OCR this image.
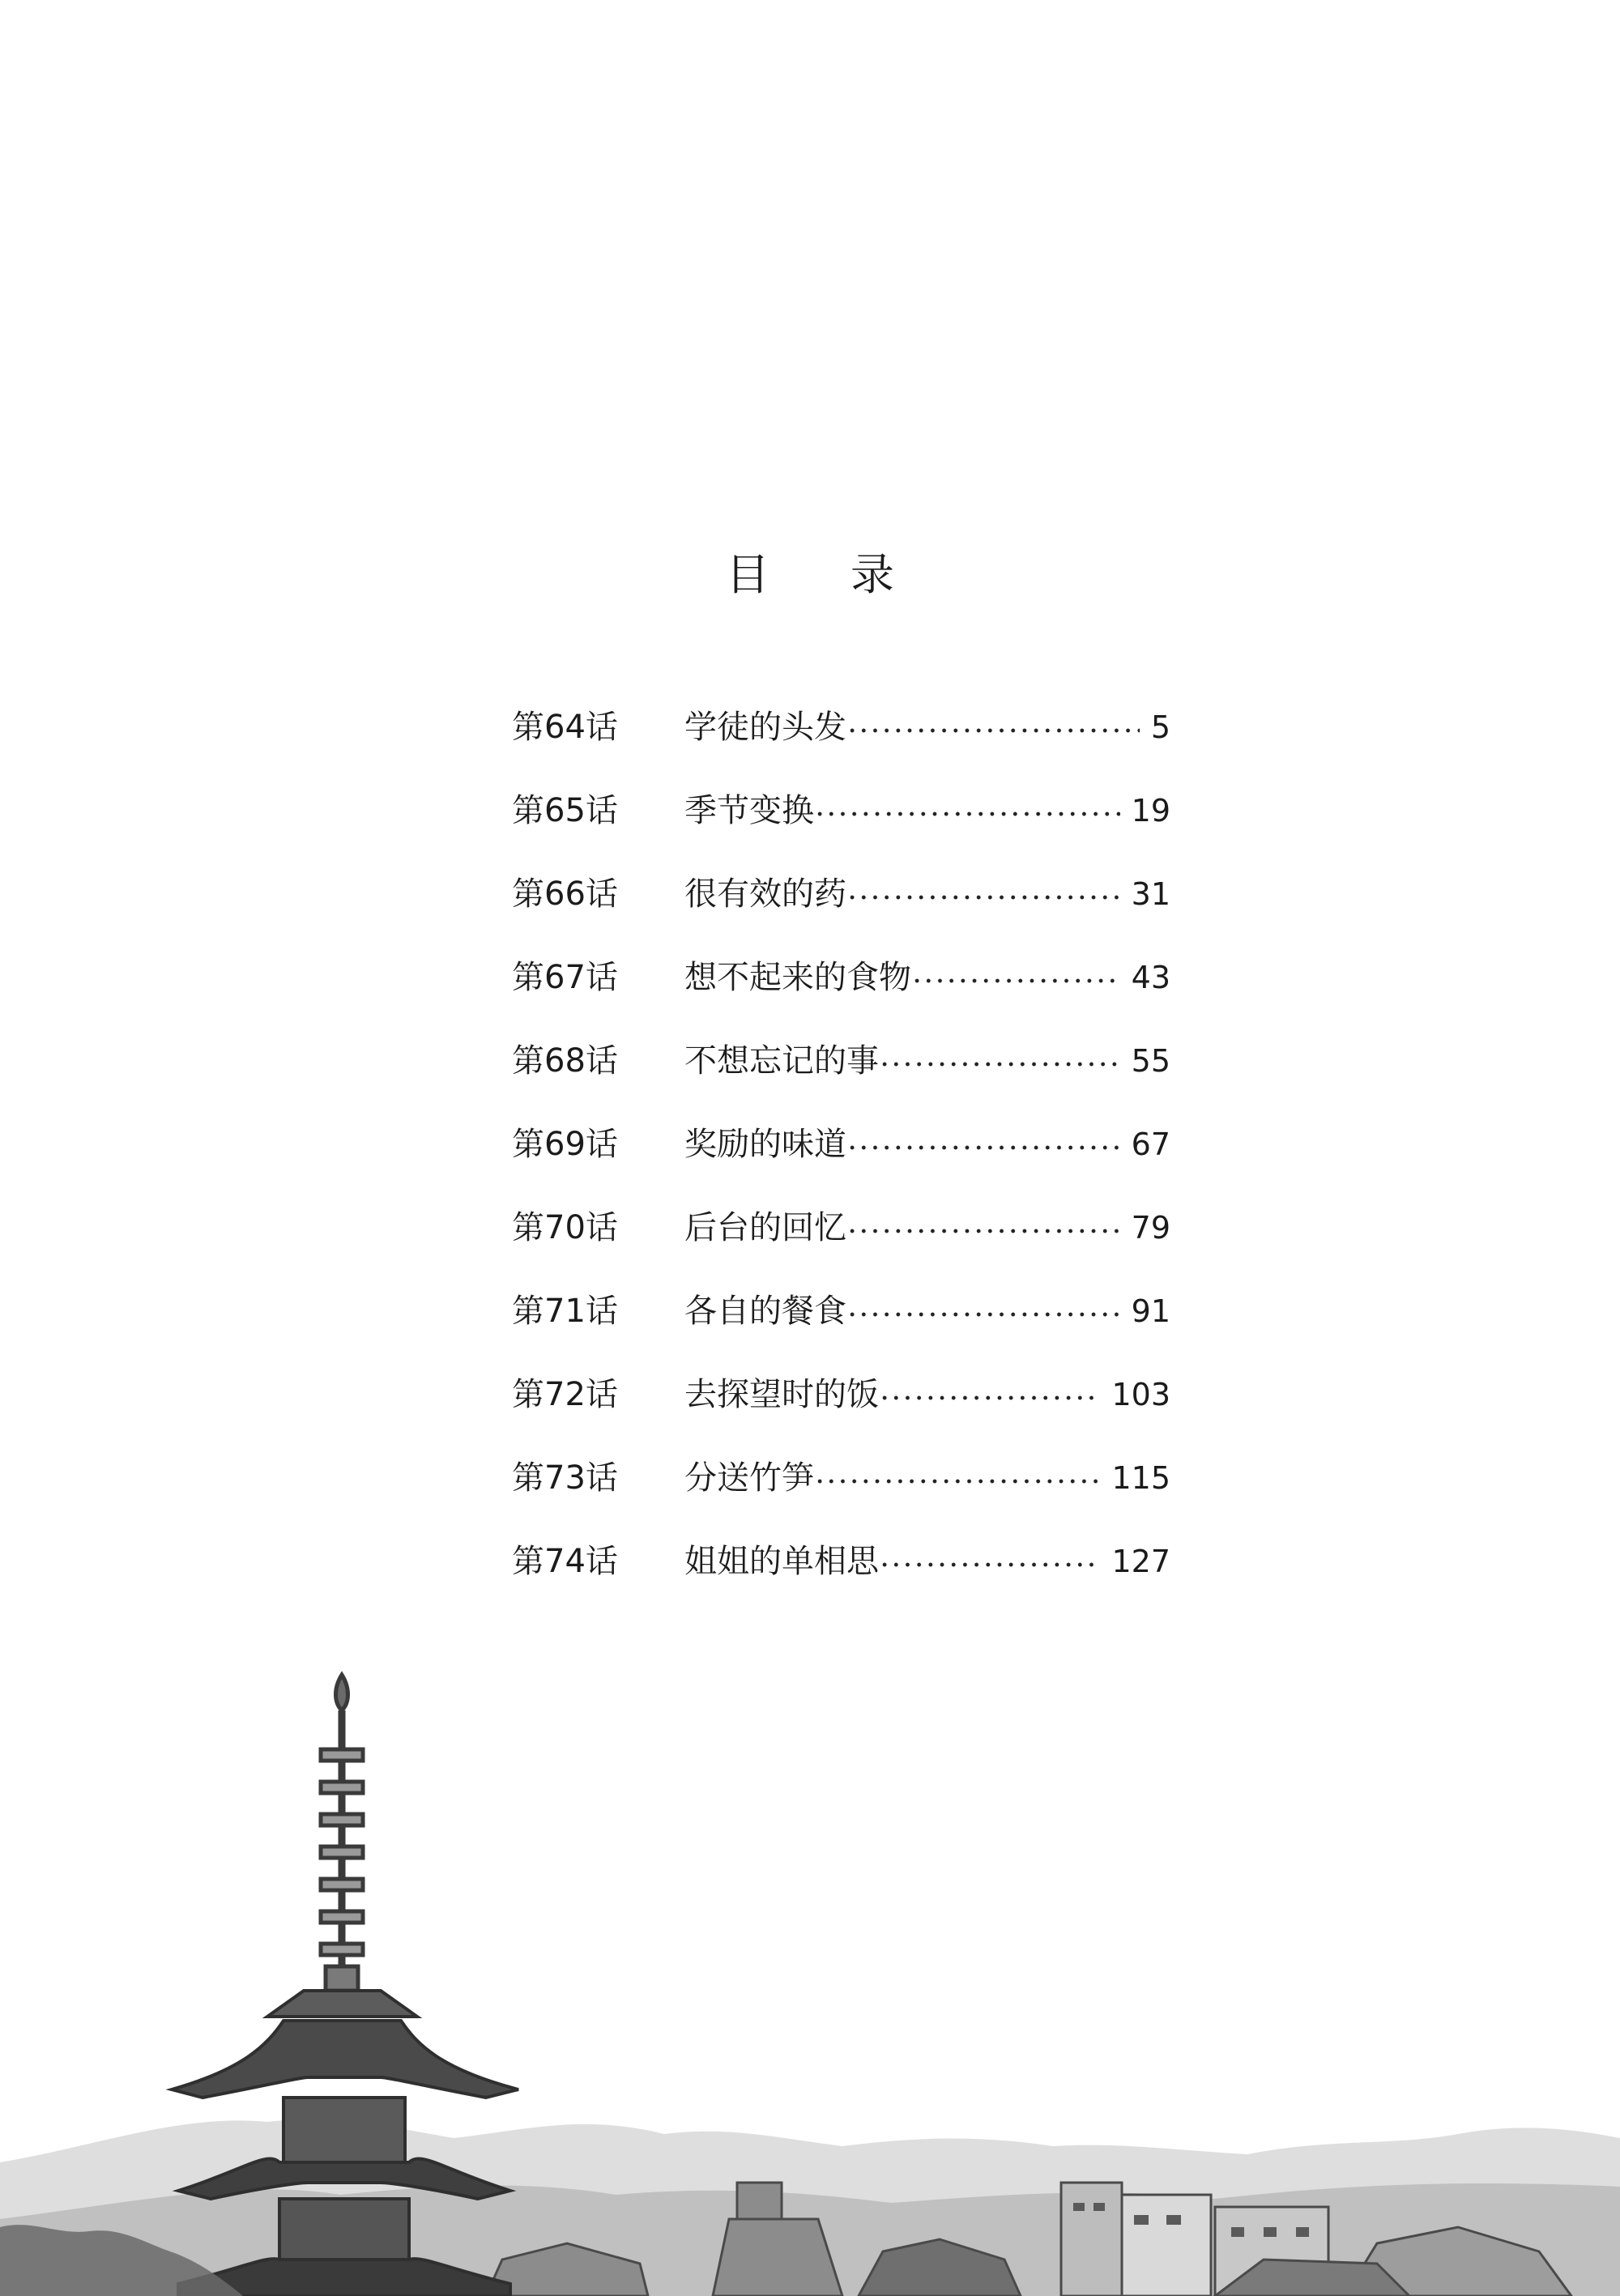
目 录
第64话	学徒的头发	5
第65话	季节变换	19
第66话	很有效的药	31
第67话	想不起来的食物	43
第68话	不想忘记的事	55
第69话	奖励的味道	67
第70话	后台的回忆	79
第71话	各自的餐食	91
第72话	去探望时的饭	103
第73话	分送竹笋	115
第74话	姐姐的单相思	127
